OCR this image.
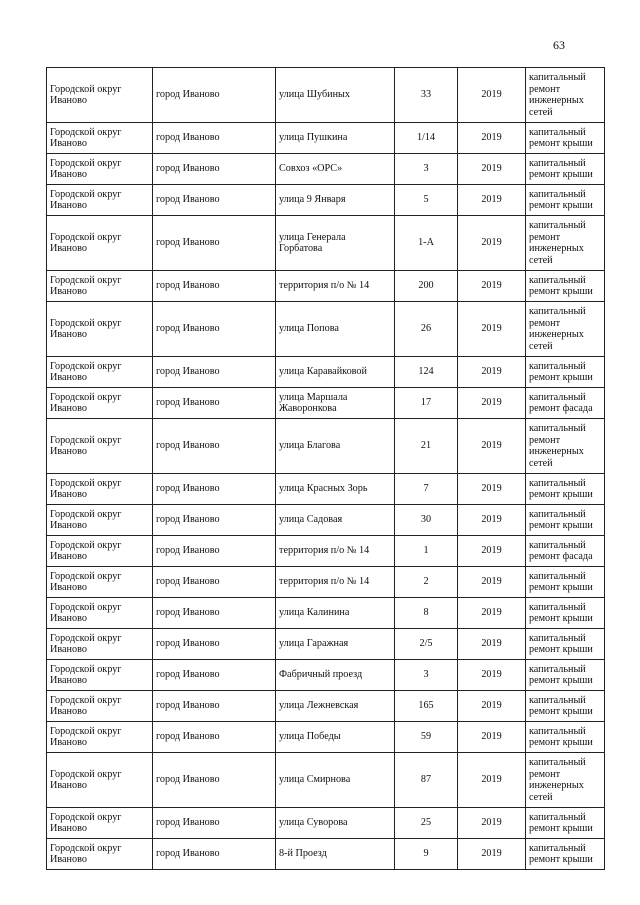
63
Городской округ Иваново	город Иваново	улица Шубиных	33	2019	капитальный ремонт инженерных сетей
Городской округ Иваново	город Иваново	улица Пушкина	1/14	2019	капитальный ремонт крыши
Городской округ Иваново	город Иваново	Совхоз «ОРС»	3	2019	капитальный ремонт крыши
Городской округ Иваново	город Иваново	улица 9 Января	5	2019	капитальный ремонт крыши
Городской округ Иваново	город Иваново	улица Генерала Горбатова	1-А	2019	капитальный ремонт инженерных сетей
Городской округ Иваново	город Иваново	территория п/о № 14	200	2019	капитальный ремонт крыши
Городской округ Иваново	город Иваново	улица Попова	26	2019	капитальный ремонт инженерных сетей
Городской округ Иваново	город Иваново	улица Каравайковой	124	2019	капитальный ремонт крыши
Городской округ Иваново	город Иваново	улица Маршала Жаворонкова	17	2019	капитальный ремонт фасада
Городской округ Иваново	город Иваново	улица Благова	21	2019	капитальный ремонт инженерных сетей
Городской округ Иваново	город Иваново	улица Красных Зорь	7	2019	капитальный ремонт крыши
Городской округ Иваново	город Иваново	улица Садовая	30	2019	капитальный ремонт крыши
Городской округ Иваново	город Иваново	территория п/о № 14	1	2019	капитальный ремонт фасада
Городской округ Иваново	город Иваново	территория п/о № 14	2	2019	капитальный ремонт крыши
Городской округ Иваново	город Иваново	улица Калинина	8	2019	капитальный ремонт крыши
Городской округ Иваново	город Иваново	улица Гаражная	2/5	2019	капитальный ремонт крыши
Городской округ Иваново	город Иваново	Фабричный проезд	3	2019	капитальный ремонт крыши
Городской округ Иваново	город Иваново	улица Лежневская	165	2019	капитальный ремонт крыши
Городской округ Иваново	город Иваново	улица Победы	59	2019	капитальный ремонт крыши
Городской округ Иваново	город Иваново	улица Смирнова	87	2019	капитальный ремонт инженерных сетей
Городской округ Иваново	город Иваново	улица Суворова	25	2019	капитальный ремонт крыши
Городской округ Иваново	город Иваново	8-й Проезд	9	2019	капитальный ремонт крыши
